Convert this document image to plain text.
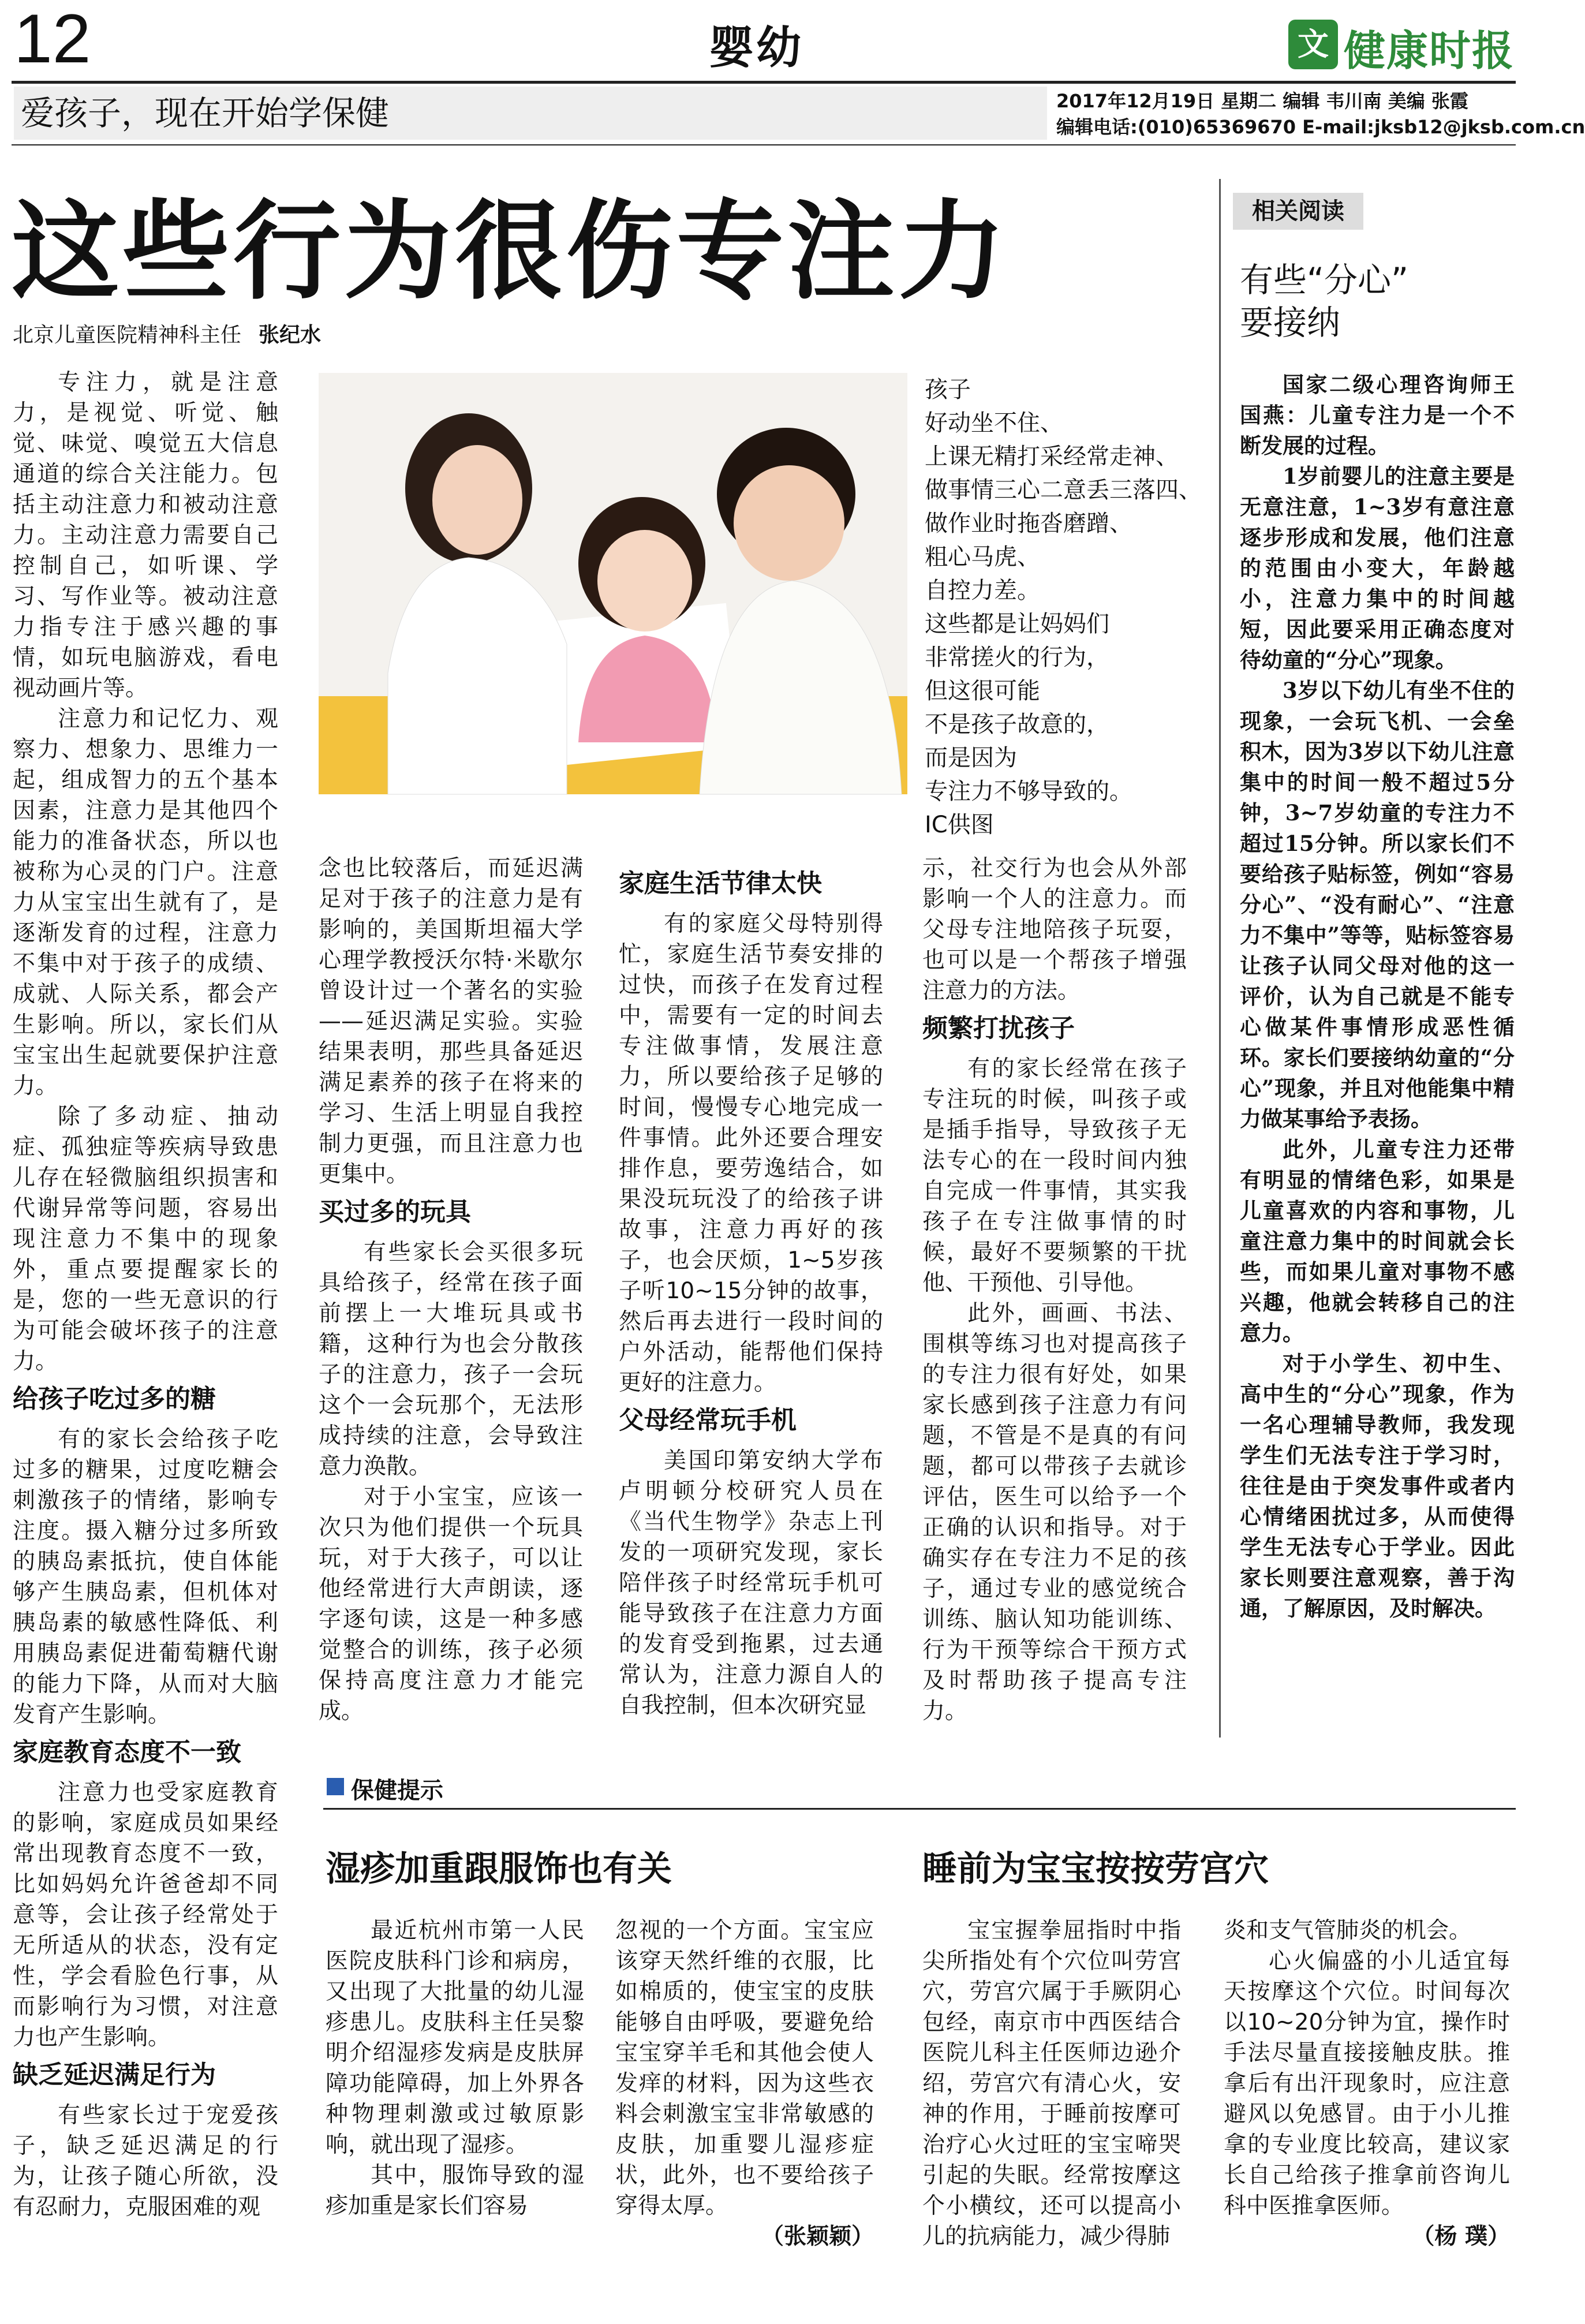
12	婴幼	文 健康时报
爱孩子，现在开始学保健	2017年12月19日 星期二 编辑 韦川南 美编 张霞
编辑电话:(010)65369670 E-mail:jksb12@jksb.com.cn
这些行为很伤专注力
北京儿童医院精神科主任 张纪水

专注力，就是注意力，是视觉、听觉、触觉、味觉、嗅觉五大信息通道的综合关注能力。包括主动注意力和被动注意力。主动注意力需要自己控制自己，如听课、学习、写作业等。被动注意力指专注于感兴趣的事情，如玩电脑游戏，看电视动画片等。

注意力和记忆力、观察力、想象力、思维力一起，组成智力的五个基本因素，注意力是其他四个能力的准备状态，所以也被称为心灵的门户。注意力从宝宝出生就有了，是逐渐发育的过程，注意力不集中对于孩子的成绩、成就、人际关系，都会产生影响。所以，家长们从宝宝出生起就要保护注意力。

除了多动症、抽动症、孤独症等疾病导致患儿存在轻微脑组织损害和代谢异常等问题，容易出现注意力不集中的现象外，重点要提醒家长的是，您的一些无意识的行为可能会破坏孩子的注意力。

给孩子吃过多的糖

有的家长会给孩子吃过多的糖果，过度吃糖会刺激孩子的情绪，影响专注度。摄入糖分过多所致的胰岛素抵抗，使自体能够产生胰岛素，但机体对胰岛素的敏感性降低、利用胰岛素促进葡萄糖代谢的能力下降，从而对大脑发育产生影响。

家庭教育态度不一致

注意力也受家庭教育的影响，家庭成员如果经常出现教育态度不一致，比如妈妈允许爸爸却不同意等，会让孩子经常处于无所适从的状态，没有定性，学会看脸色行事，从而影响行为习惯，对注意力也产生影响。

缺乏延迟满足行为

有些家长过于宠爱孩子，缺乏延迟满足的行为，让孩子随心所欲，没有忍耐力，克服困难的观

孩子
好动坐不住、
上课无精打采经常走神、
做事情三心二意丢三落四、
做作业时拖沓磨蹭、
粗心马虎、
自控力差。
这些都是让妈妈们
非常搓火的行为，
但这很可能
不是孩子故意的，
而是因为
专注力不够导致的。
IC供图

念也比较落后，而延迟满足对于孩子的注意力是有影响的，美国斯坦福大学心理学教授沃尔特·米歇尔曾设计过一个著名的实验——延迟满足实验。实验结果表明，那些具备延迟满足素养的孩子在将来的学习、生活上明显自我控制力更强，而且注意力也更集中。

买过多的玩具

有些家长会买很多玩具给孩子，经常在孩子面前摆上一大堆玩具或书籍，这种行为也会分散孩子的注意力，孩子一会玩这个一会玩那个，无法形成持续的注意，会导致注意力涣散。

对于小宝宝，应该一次只为他们提供一个玩具玩，对于大孩子，可以让他经常进行大声朗读，逐字逐句读，这是一种多感觉整合的训练，孩子必须保持高度注意力才能完成。

家庭生活节律太快

有的家庭父母特别得忙，家庭生活节奏安排的过快，而孩子在发育过程中，需要有一定的时间去专注做事情，发展注意力，所以要给孩子足够的时间，慢慢专心地完成一件事情。此外还要合理安排作息，要劳逸结合，如果没玩玩没了的给孩子讲故事，注意力再好的孩子，也会厌烦，1~5岁孩子听10~15分钟的故事，然后再去进行一段时间的户外活动，能帮他们保持更好的注意力。

父母经常玩手机

美国印第安纳大学布卢明顿分校研究人员在《当代生物学》杂志上刊发的一项研究发现，家长陪伴孩子时经常玩手机可能导致孩子在注意力方面的发育受到拖累，过去通常认为，注意力源自人的自我控制，但本次研究显

示，社交行为也会从外部影响一个人的注意力。而父母专注地陪孩子玩耍，也可以是一个帮孩子增强注意力的方法。

频繁打扰孩子

有的家长经常在孩子专注玩的时候，叫孩子或是插手指导，导致孩子无法专心的在一段时间内独自完成一件事情，其实我孩子在专注做事情的时候，最好不要频繁的干扰他、干预他、引导他。

此外，画画、书法、围棋等练习也对提高孩子的专注力很有好处，如果家长感到孩子注意力有问题，不管是不是真的有问题，都可以带孩子去就诊评估，医生可以给予一个正确的认识和指导。对于确实存在专注力不足的孩子，通过专业的感觉统合训练、脑认知功能训练、行为干预等综合干预方式及时帮助孩子提高专注力。

相关阅读
有些“分心”
要接纳

国家二级心理咨询师王国燕：儿童专注力是一个不断发展的过程。

1岁前婴儿的注意主要是无意注意，1~3岁有意注意逐步形成和发展，他们注意的范围由小变大，年龄越小，注意力集中的时间越短，因此要采用正确态度对待幼童的“分心”现象。

3岁以下幼儿有坐不住的现象，一会玩飞机、一会垒积木，因为3岁以下幼儿注意集中的时间一般不超过5分钟，3~7岁幼童的专注力不超过15分钟。所以家长们不要给孩子贴标签，例如“容易分心”、“没有耐心”、“注意力不集中”等等，贴标签容易让孩子认同父母对他的这一评价，认为自己就是不能专心做某件事情形成恶性循环。家长们要接纳幼童的“分心”现象，并且对他能集中精力做某事给予表扬。

此外，儿童专注力还带有明显的情绪色彩，如果是儿童喜欢的内容和事物，儿童注意力集中的时间就会长些，而如果儿童对事物不感兴趣，他就会转移自己的注意力。

对于小学生、初中生、高中生的“分心”现象，作为一名心理辅导教师，我发现学生们无法专注于学习时，往往是由于突发事件或者内心情绪困扰过多，从而使得学生无法专心于学业。因此家长则要注意观察，善于沟通，了解原因，及时解决。

保健提示
湿疹加重跟服饰也有关

最近杭州市第一人民医院皮肤科门诊和病房，又出现了大批量的幼儿湿疹患儿。皮肤科主任吴黎明介绍湿疹发病是皮肤屏障功能障碍，加上外界各种物理刺激或过敏原影响，就出现了湿疹。

其中，服饰导致的湿疹加重是家长们容易

忽视的一个方面。宝宝应该穿天然纤维的衣服，比如棉质的，使宝宝的皮肤能够自由呼吸，要避免给宝宝穿羊毛和其他会使人发痒的材料，因为这些衣料会刺激宝宝非常敏感的皮肤，加重婴儿湿疹症状，此外，也不要给孩子穿得太厚。

（张颖颖）
睡前为宝宝按按劳宫穴

宝宝握拳屈指时中指尖所指处有个穴位叫劳宫穴，劳宫穴属于手厥阴心包经，南京市中西医结合医院儿科主任医师边逊介绍，劳宫穴有清心火，安神的作用，于睡前按摩可治疗心火过旺的宝宝啼哭引起的失眠。经常按摩这个小横纹，还可以提高小儿的抗病能力，减少得肺

炎和支气管肺炎的机会。

心火偏盛的小儿适宜每天按摩这个穴位。时间每次以10~20分钟为宜，操作时手法尽量直接接触皮肤。推拿后有出汗现象时，应注意避风以免感冒。由于小儿推拿的专业度比较高，建议家长自己给孩子推拿前咨询儿科中医推拿医师。

（杨 璞）
